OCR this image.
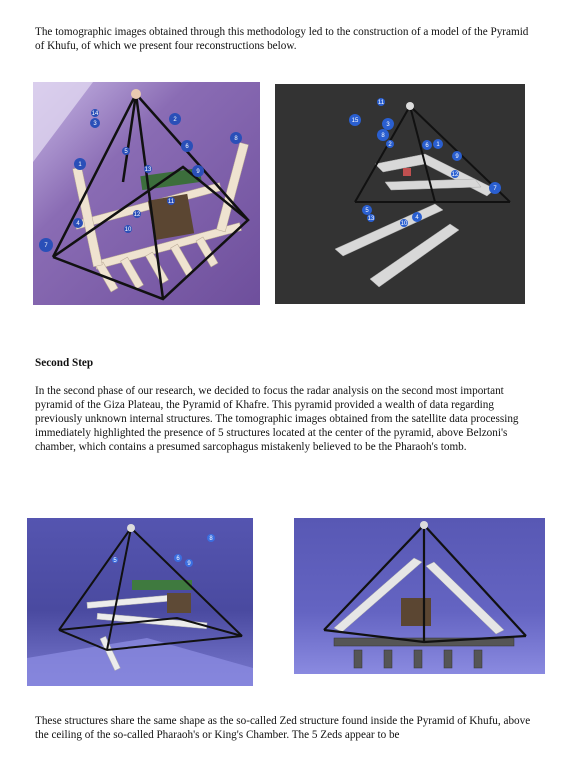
The tomographic images obtained through this methodology led to the construction of a model of the Pyramid of Khufu, of which we present four reconstructions below.

7
1
2
3
4
5
6
8
9
10
11
12
13
14
15
3
8
1
6
2
9
7
4
5
10
11
12
13
Second Step

In the second phase of our research, we decided to focus the radar analysis on the second most important pyramid of the Giza Plateau, the Pyramid of Khafre. This pyramid provided a wealth of data regarding previously unknown internal structures. The tomographic images obtained from the satellite data processing immediately highlighted the presence of 5 structures located at the center of the pyramid, above Belzoni's chamber, which contains a presumed sarcophagus mistakenly believed to be the Pharaoh's tomb.

8
6
9
5

These structures share the same shape as the so-called Zed structure found inside the Pyramid of Khufu, above the ceiling of the so-called Pharaoh's or King's Chamber. The 5 Zeds appear to be
